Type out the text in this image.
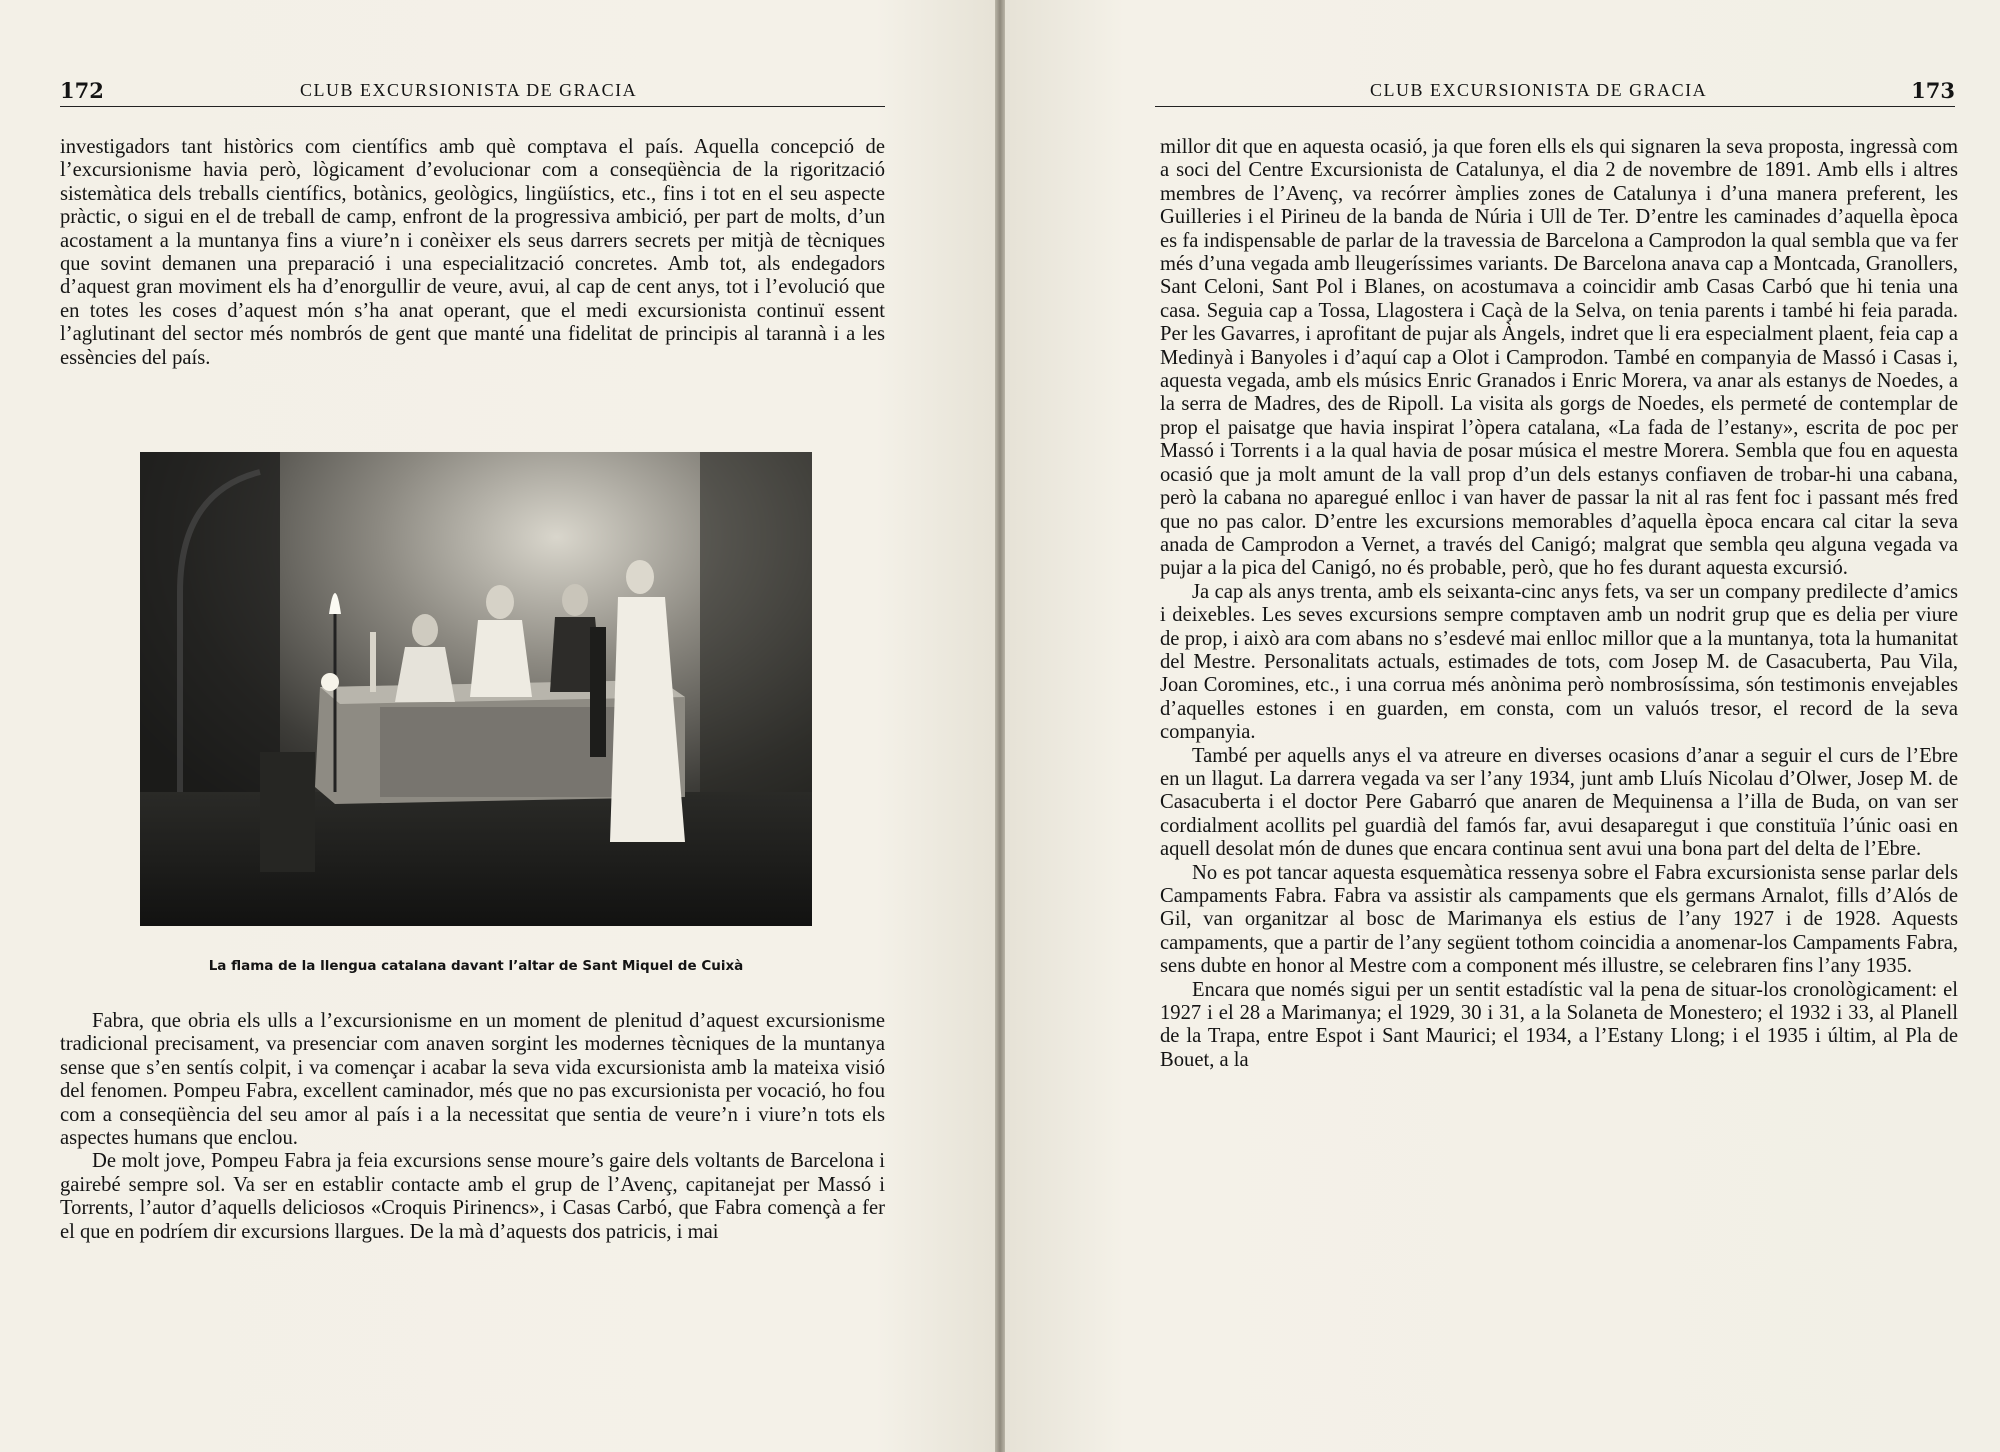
172	CLUB EXCURSIONISTA DE GRACIA

investigadors tant històrics com científics amb què comptava el país. Aquella concepció de l’excursionisme havia però, lògicament d’evolucionar com a conseqüència de la rigorització sistemàtica dels treballs científics, botànics, geològics, lingüístics, etc., fins i tot en el seu aspecte pràctic, o sigui en el de treball de camp, enfront de la progressiva ambició, per part de molts, d’un acostament a la muntanya fins a viure’n i conèixer els seus darrers secrets per mitjà de tècniques que sovint demanen una preparació i una especialització concretes. Amb tot, als endegadors d’aquest gran moviment els ha d’enorgullir de veure, avui, al cap de cent anys, tot i l’evolució que en totes les coses d’aquest món s’ha anat operant, que el medi excursionista continuï essent l’aglutinant del sector més nombrós de gent que manté una fidelitat de principis al tarannà i a les essències del país.

La flama de la llengua catalana davant l’altar de Sant Miquel de Cuixà

Fabra, que obria els ulls a l’excursionisme en un moment de plenitud d’aquest excursionisme tradicional precisament, va presenciar com anaven sorgint les modernes tècniques de la muntanya sense que s’en sentís colpit, i va començar i acabar la seva vida excursionista amb la mateixa visió del fenomen. Pompeu Fabra, excellent caminador, més que no pas excursionista per vocació, ho fou com a conseqüència del seu amor al país i a la necessitat que sentia de veure’n i viure’n tots els aspectes humans que enclou.

De molt jove, Pompeu Fabra ja feia excursions sense moure’s gaire dels voltants de Barcelona i gairebé sempre sol. Va ser en establir contacte amb el grup de l’Avenç, capitanejat per Massó i Torrents, l’autor d’aquells deliciosos «Croquis Pirinencs», i Casas Carbó, que Fabra començà a fer el que en podríem dir excursions llargues. De la mà d’aquests dos patricis, i mai

CLUB EXCURSIONISTA DE GRACIA	173

millor dit que en aquesta ocasió, ja que foren ells els qui signaren la seva proposta, ingressà com a soci del Centre Excursionista de Catalunya, el dia 2 de novembre de 1891. Amb ells i altres membres de l’Avenç, va recórrer àmplies zones de Catalunya i d’una manera preferent, les Guilleries i el Pirineu de la banda de Núria i Ull de Ter. D’entre les caminades d’aquella època es fa indispensable de parlar de la travessia de Barcelona a Camprodon la qual sembla que va fer més d’una vegada amb lleugeríssimes variants. De Barcelona anava cap a Montcada, Granollers, Sant Celoni, Sant Pol i Blanes, on acostumava a coincidir amb Casas Carbó que hi tenia una casa. Seguia cap a Tossa, Llagostera i Caçà de la Selva, on tenia parents i també hi feia parada. Per les Gavarres, i aprofitant de pujar als Àngels, indret que li era especialment plaent, feia cap a Medinyà i Banyoles i d’aquí cap a Olot i Camprodon. També en companyia de Massó i Casas i, aquesta vegada, amb els músics Enric Granados i Enric Morera, va anar als estanys de Noedes, a la serra de Madres, des de Ripoll. La visita als gorgs de Noedes, els permeté de contemplar de prop el paisatge que havia inspirat l’òpera catalana, «La fada de l’estany», escrita de poc per Massó i Torrents i a la qual havia de posar música el mestre Morera. Sembla que fou en aquesta ocasió que ja molt amunt de la vall prop d’un dels estanys confiaven de trobar-hi una cabana, però la cabana no aparegué enlloc i van haver de passar la nit al ras fent foc i passant més fred que no pas calor. D’entre les excursions memorables d’aquella època encara cal citar la seva anada de Camprodon a Vernet, a través del Canigó; malgrat que sembla qeu alguna vegada va pujar a la pica del Canigó, no és probable, però, que ho fes durant aquesta excursió.

Ja cap als anys trenta, amb els seixanta-cinc anys fets, va ser un company predilecte d’amics i deixebles. Les seves excursions sempre comptaven amb un nodrit grup que es delia per viure de prop, i això ara com abans no s’esdevé mai enlloc millor que a la muntanya, tota la humanitat del Mestre. Personalitats actuals, estimades de tots, com Josep M. de Casacuberta, Pau Vila, Joan Coromines, etc., i una corrua més anònima però nombrosíssima, són testimonis envejables d’aquelles estones i en guarden, em consta, com un valuós tresor, el record de la seva companyia.

També per aquells anys el va atreure en diverses ocasions d’anar a seguir el curs de l’Ebre en un llagut. La darrera vegada va ser l’any 1934, junt amb Lluís Nicolau d’Olwer, Josep M. de Casacuberta i el doctor Pere Gabarró que anaren de Mequinensa a l’illa de Buda, on van ser cordialment acollits pel guardià del famós far, avui desaparegut i que constituïa l’únic oasi en aquell desolat món de dunes que encara continua sent avui una bona part del delta de l’Ebre.

No es pot tancar aquesta esquemàtica ressenya sobre el Fabra excursionista sense parlar dels Campaments Fabra. Fabra va assistir als campaments que els germans Arnalot, fills d’Alós de Gil, van organitzar al bosc de Marimanya els estius de l’any 1927 i de 1928. Aquests campaments, que a partir de l’any següent tothom coincidia a anomenar-los Campaments Fabra, sens dubte en honor al Mestre com a component més illustre, se celebraren fins l’any 1935.

Encara que només sigui per un sentit estadístic val la pena de situar-los cronològicament: el 1927 i el 28 a Marimanya; el 1929, 30 i 31, a la Solaneta de Monestero; el 1932 i 33, al Planell de la Trapa, entre Espot i Sant Maurici; el 1934, a l’Estany Llong; i el 1935 i últim, al Pla de Bouet, a la
